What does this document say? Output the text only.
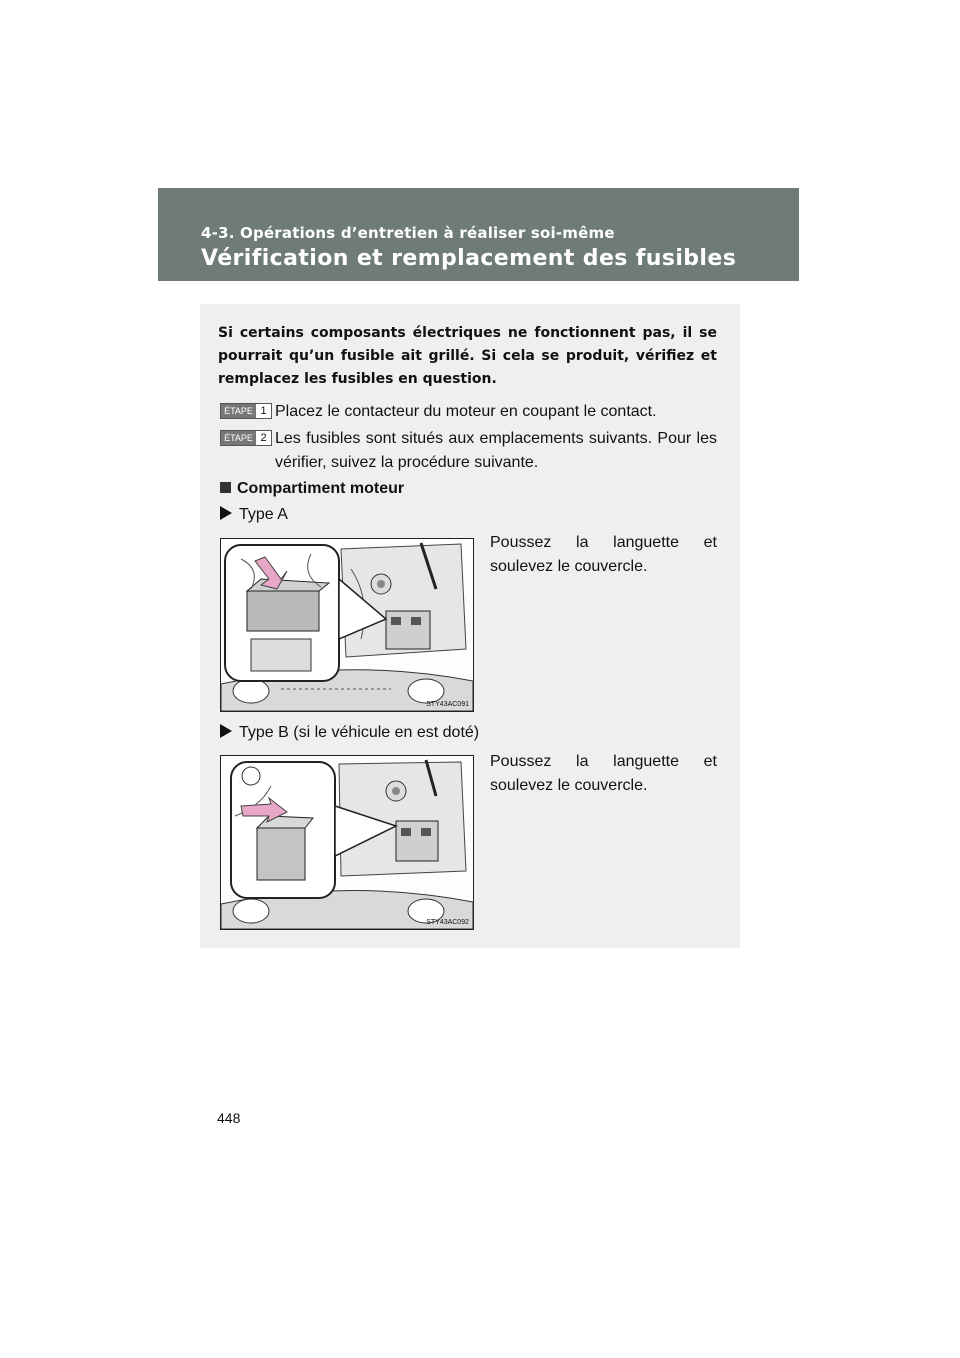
4-3. Opérations d’entretien à réaliser soi-même
Vérification et remplacement des fusibles
Si certains composants électriques ne fonctionnent pas, il se pourrait qu’un fusible ait grillé. Si cela se produit, vérifiez et remplacez les fusibles en question.
ÉTAPE 1 Placez le contacteur du moteur en coupant le contact.
ÉTAPE 2 Les fusibles sont situés aux emplacements suivants. Pour les vérifier, suivez la procédure suivante.
Compartiment moteur
Type A
Poussez la languette et
soulevez le couvercle.
STY43AC091
Type B (si le véhicule en est doté)
Poussez la languette et
soulevez le couvercle.
STY43AC092
448
